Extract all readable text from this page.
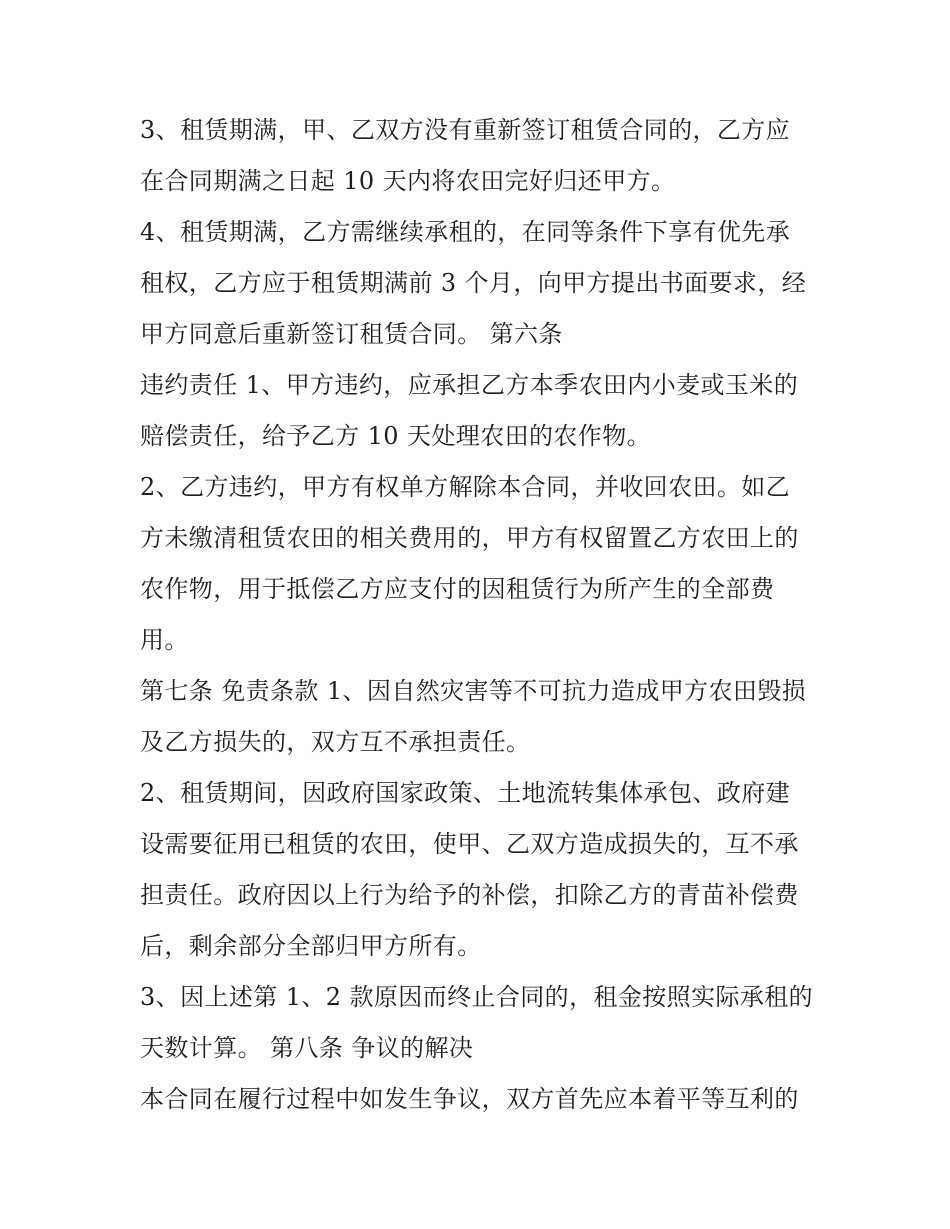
3、租赁期满，甲、乙双方没有重新签订租赁合同的，乙方应
在合同期满之日起 10 天内将农田完好归还甲方。
4、租赁期满，乙方需继续承租的，在同等条件下享有优先承
租权，乙方应于租赁期满前 3 个月，向甲方提出书面要求，经
甲方同意后重新签订租赁合同。 第六条
违约责任 1、甲方违约，应承担乙方本季农田内小麦或玉米的
赔偿责任，给予乙方 10 天处理农田的农作物。
2、乙方违约，甲方有权单方解除本合同，并收回农田。如乙
方未缴清租赁农田的相关费用的，甲方有权留置乙方农田上的
农作物，用于抵偿乙方应支付的因租赁行为所产生的全部费
用。
第七条 免责条款 1、因自然灾害等不可抗力造成甲方农田毁损
及乙方损失的，双方互不承担责任。
2、租赁期间，因政府国家政策、土地流转集体承包、政府建
设需要征用已租赁的农田，使甲、乙双方造成损失的，互不承
担责任。政府因以上行为给予的补偿，扣除乙方的青苗补偿费
后，剩余部分全部归甲方所有。
3、因上述第 1、2 款原因而终止合同的，租金按照实际承租的
天数计算。 第八条 争议的解决
本合同在履行过程中如发生争议，双方首先应本着平等互利的
